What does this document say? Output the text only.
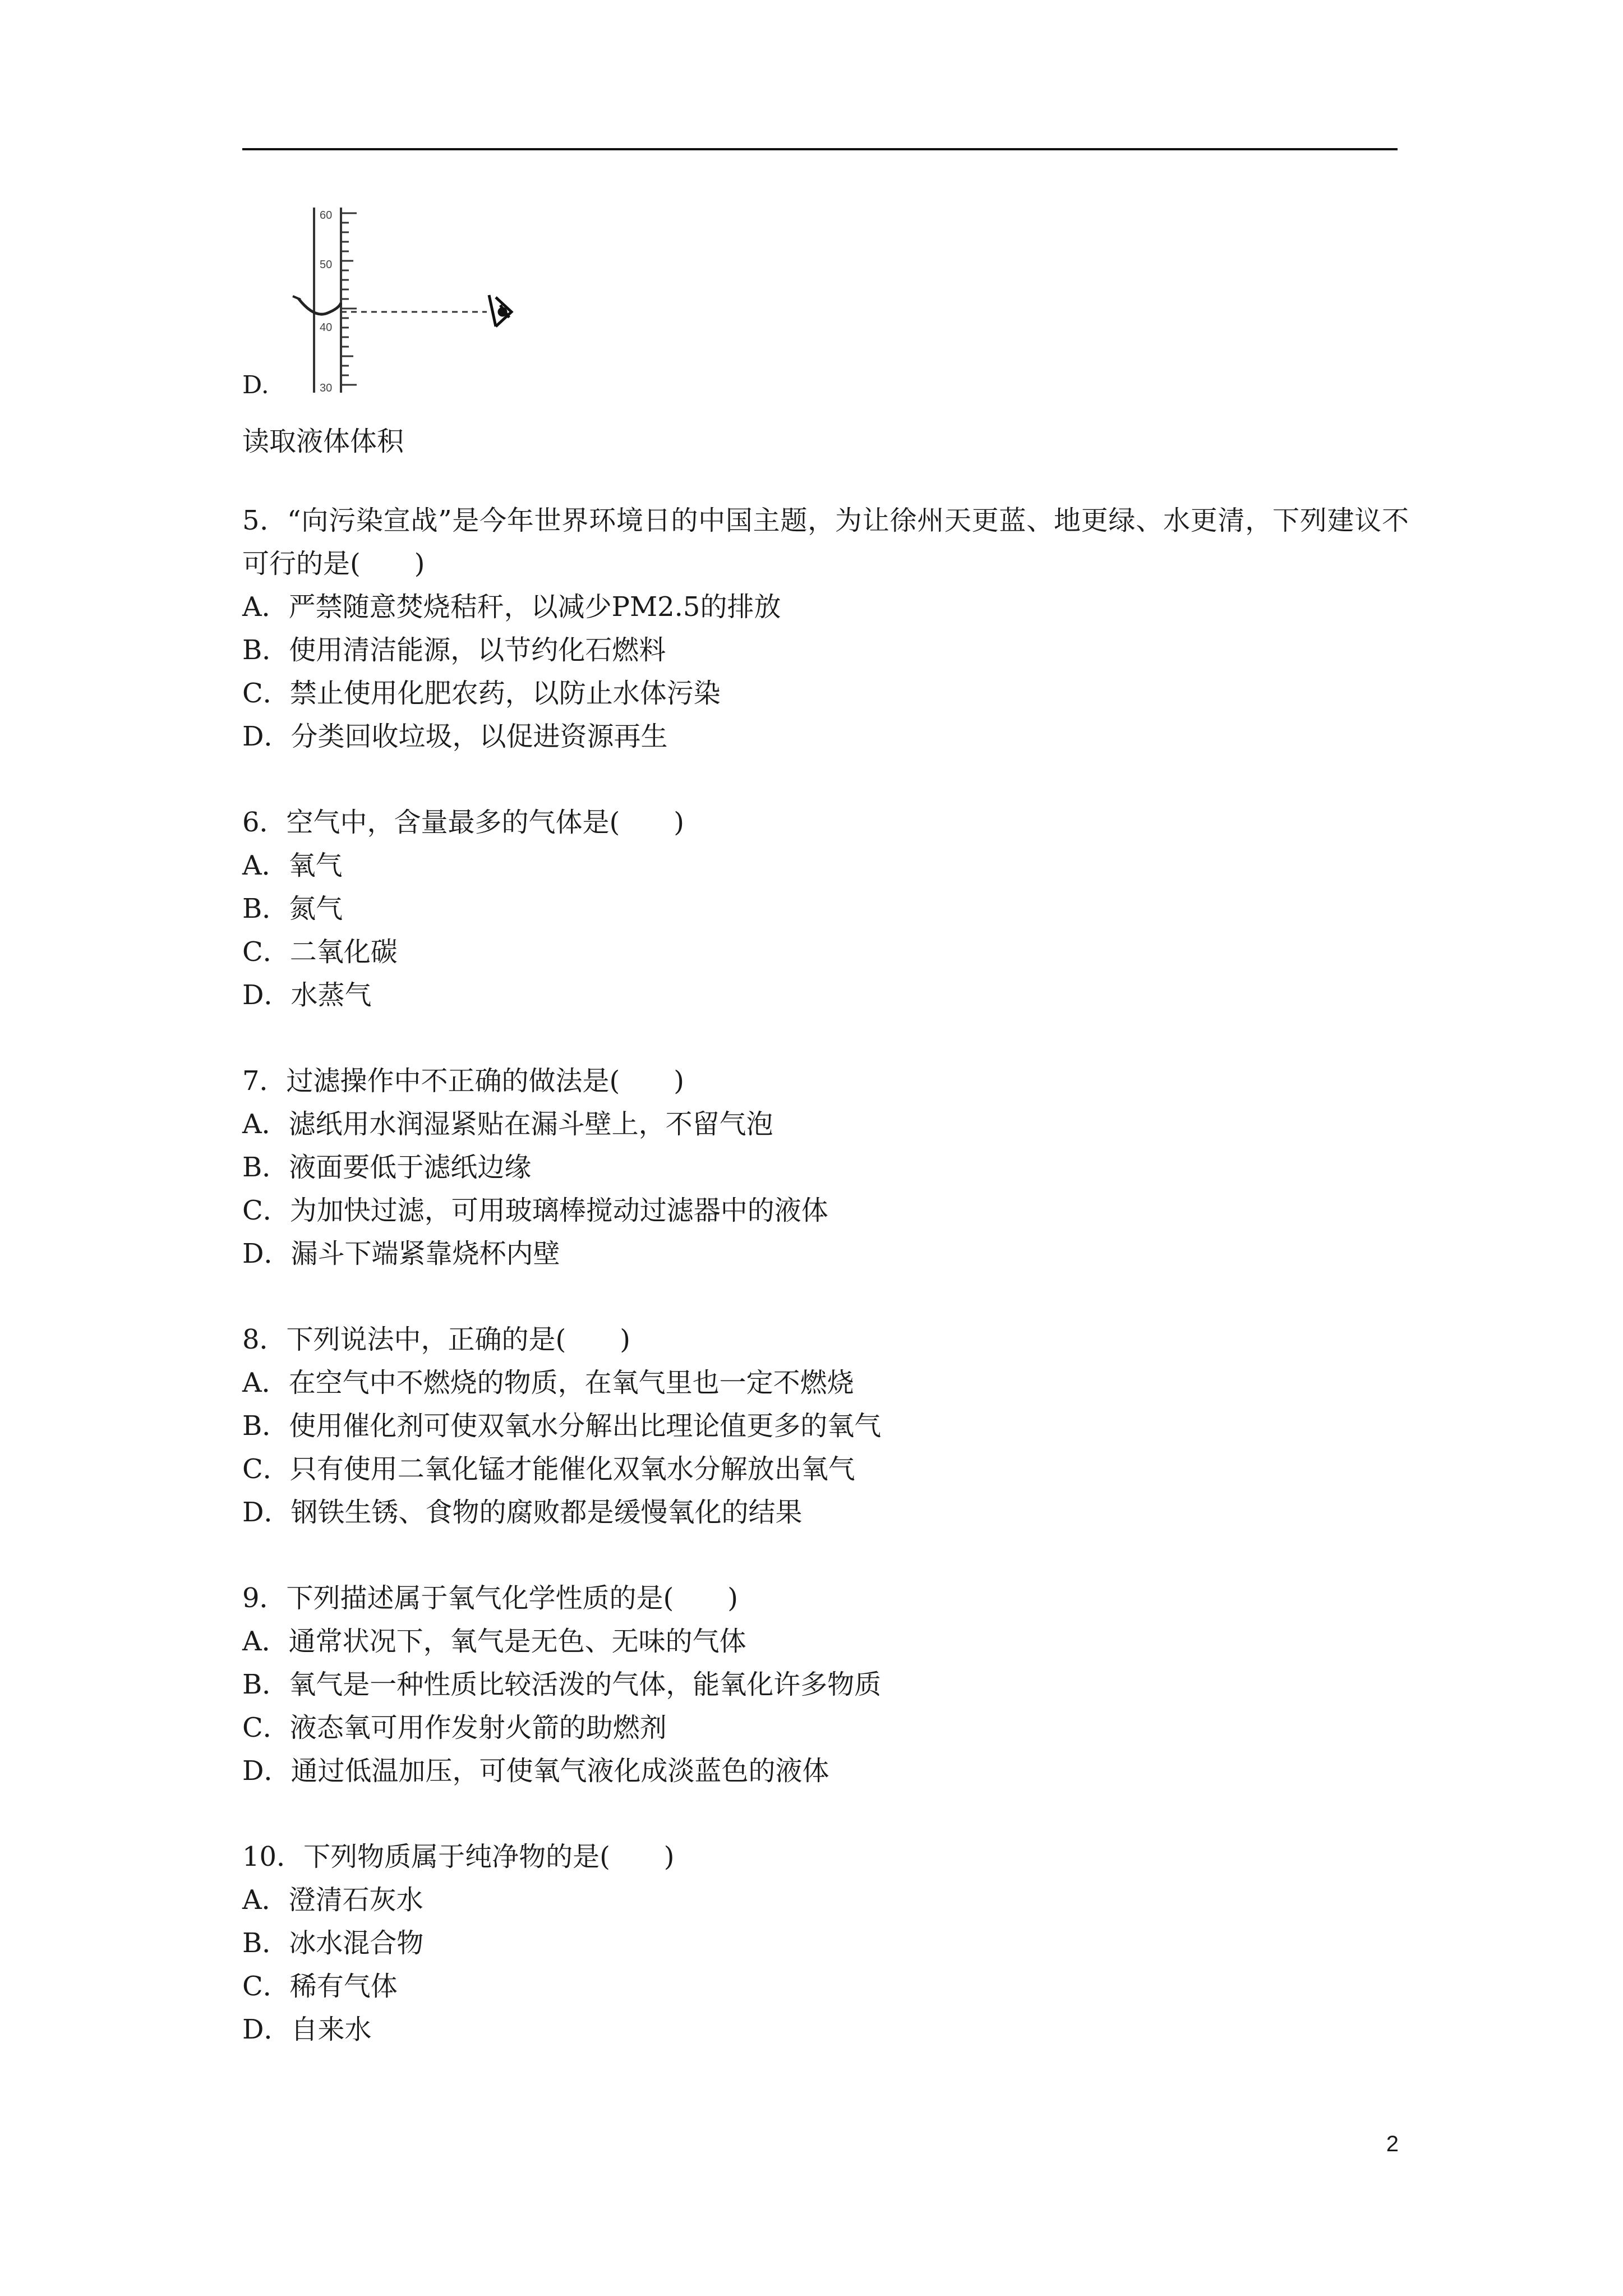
D.
60
50
40
30
读取液体体积

5．“向污染宣战”是今年世界环境日的中国主题，为让徐州天更蓝、地更绿、水更清，下列建议不可行的是(　　)

A．严禁随意焚烧秸秆，以减少PM2.5的排放

B．使用清洁能源，以节约化石燃料

C．禁止使用化肥农药，以防止水体污染

D．分类回收垃圾，以促进资源再生

6．空气中，含量最多的气体是(　　)

A．氧气

B．氮气

C．二氧化碳

D．水蒸气

7．过滤操作中不正确的做法是(　　)

A．滤纸用水润湿紧贴在漏斗壁上，不留气泡

B．液面要低于滤纸边缘

C．为加快过滤，可用玻璃棒搅动过滤器中的液体

D．漏斗下端紧靠烧杯内壁

8．下列说法中，正确的是(　　)

A．在空气中不燃烧的物质，在氧气里也一定不燃烧

B．使用催化剂可使双氧水分解出比理论值更多的氧气

C．只有使用二氧化锰才能催化双氧水分解放出氧气

D．钢铁生锈、食物的腐败都是缓慢氧化的结果

9．下列描述属于氧气化学性质的是(　　)

A．通常状况下，氧气是无色、无味的气体

B．氧气是一种性质比较活泼的气体，能氧化许多物质

C．液态氧可用作发射火箭的助燃剂

D．通过低温加压，可使氧气液化成淡蓝色的液体

10．下列物质属于纯净物的是(　　)

A．澄清石灰水

B．冰水混合物

C．稀有气体

D．自来水

2
